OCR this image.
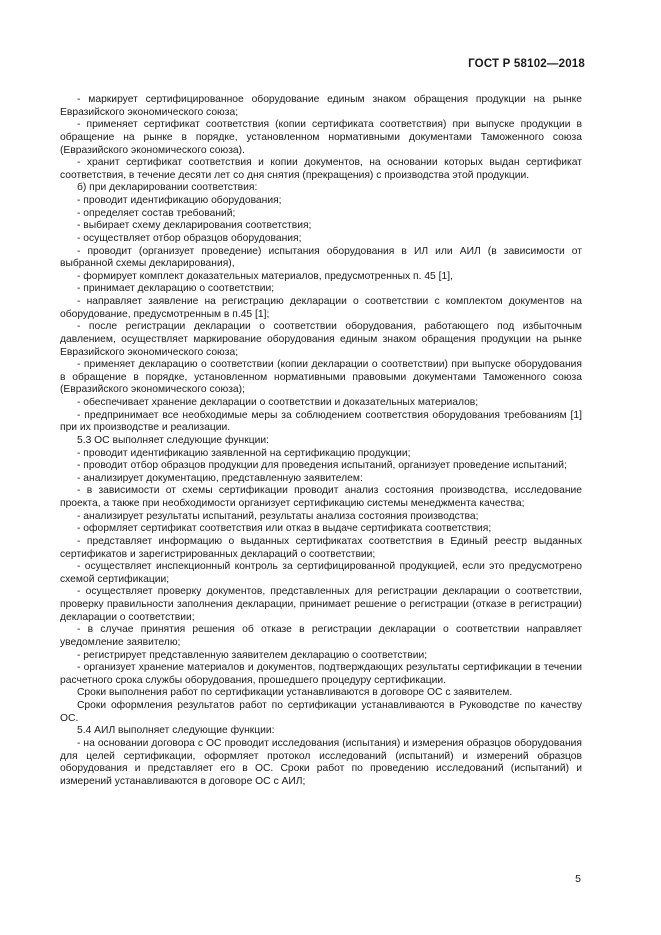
ГОСТ Р 58102—2018

- маркирует сертифицированное оборудование единым знаком обращения продукции на рынке Евразийского экономического союза;

- применяет сертификат соответствия (копии сертификата соответствия) при выпуске продукции в обращение на рынке в порядке, установленном нормативными документами Таможенного союза (Евразийского экономического союза).

- хранит сертификат соответствия и копии документов, на основании которых выдан сертификат соответствия, в течение десяти лет со дня снятия (прекращения) с производства этой продукции.

б) при декларировании соответствия:

- проводит идентификацию оборудования;

- определяет состав требований;

- выбирает схему декларирования соответствия;

- осуществляет отбор образцов оборудования;

- проводит (организует проведение) испытания оборудования в ИЛ или АИЛ (в зависимости от выбранной схемы декларирования),

- формирует комплект доказательных материалов, предусмотренных п. 45 [1],

- принимает декларацию о соответствии;

- направляет заявление на регистрацию декларации о соответствии с комплектом документов на оборудование, предусмотренным в п.45 [1];

- после регистрации декларации о соответствии оборудования, работающего под избыточным давлением, осуществляет маркирование оборудования единым знаком обращения продукции на рынке Евразийского экономического союза;

- применяет декларацию о соответствии (копии декларации о соответствии) при выпуске оборудования в обращение в порядке, установленном нормативными правовыми документами Таможенного союза (Евразийского экономического союза);

- обеспечивает хранение декларации о соответствии и доказательных материалов;

- предпринимает все необходимые меры за соблюдением соответствия оборудования требованиям [1] при их производстве и реализации.

5.3 ОС выполняет следующие функции:

- проводит идентификацию заявленной на сертификацию продукции;

- проводит отбор образцов продукции для проведения испытаний, организует проведение испытаний;

- анализирует документацию, представленную заявителем:

- в зависимости от схемы сертификации проводит анализ состояния производства, исследование проекта, а также при необходимости организует сертификацию системы менеджмента качества;

- анализирует результаты испытаний, результаты анализа состояния производства;

- оформляет сертификат соответствия или отказ в выдаче сертификата соответствия;

- представляет информацию о выданных сертификатах соответствия в Единый реестр выданных сертификатов и зарегистрированных деклараций о соответствии;

- осуществляет инспекционный контроль за сертифицированной продукцией, если это предусмотрено схемой сертификации;

- осуществляет проверку документов, представленных для регистрации декларации о соответствии, проверку правильности заполнения декларации, принимает решение о регистрации (отказе в регистрации) декларации о соответствии;

- в случае принятия решения об отказе в регистрации декларации о соответствии направляет уведомление заявителю;

- регистрирует представленную заявителем декларацию о соответствии;

- организует хранение материалов и документов, подтверждающих результаты сертификации в течении расчетного срока службы оборудования, прошедшего процедуру сертификации.

Сроки выполнения работ по сертификации устанавливаются в договоре ОС с заявителем.

Сроки оформления результатов работ по сертификации устанавливаются в Руководстве по качеству ОС.

5.4 АИЛ выполняет следующие функции:

- на основании договора с ОС проводит исследования (испытания) и измерения образцов оборудования для целей сертификации, оформляет протокол исследований (испытаний) и измерений образцов оборудования и представляет его в ОС. Сроки работ по проведению исследований (испытаний) и измерений устанавливаются в договоре ОС с АИЛ;

5
